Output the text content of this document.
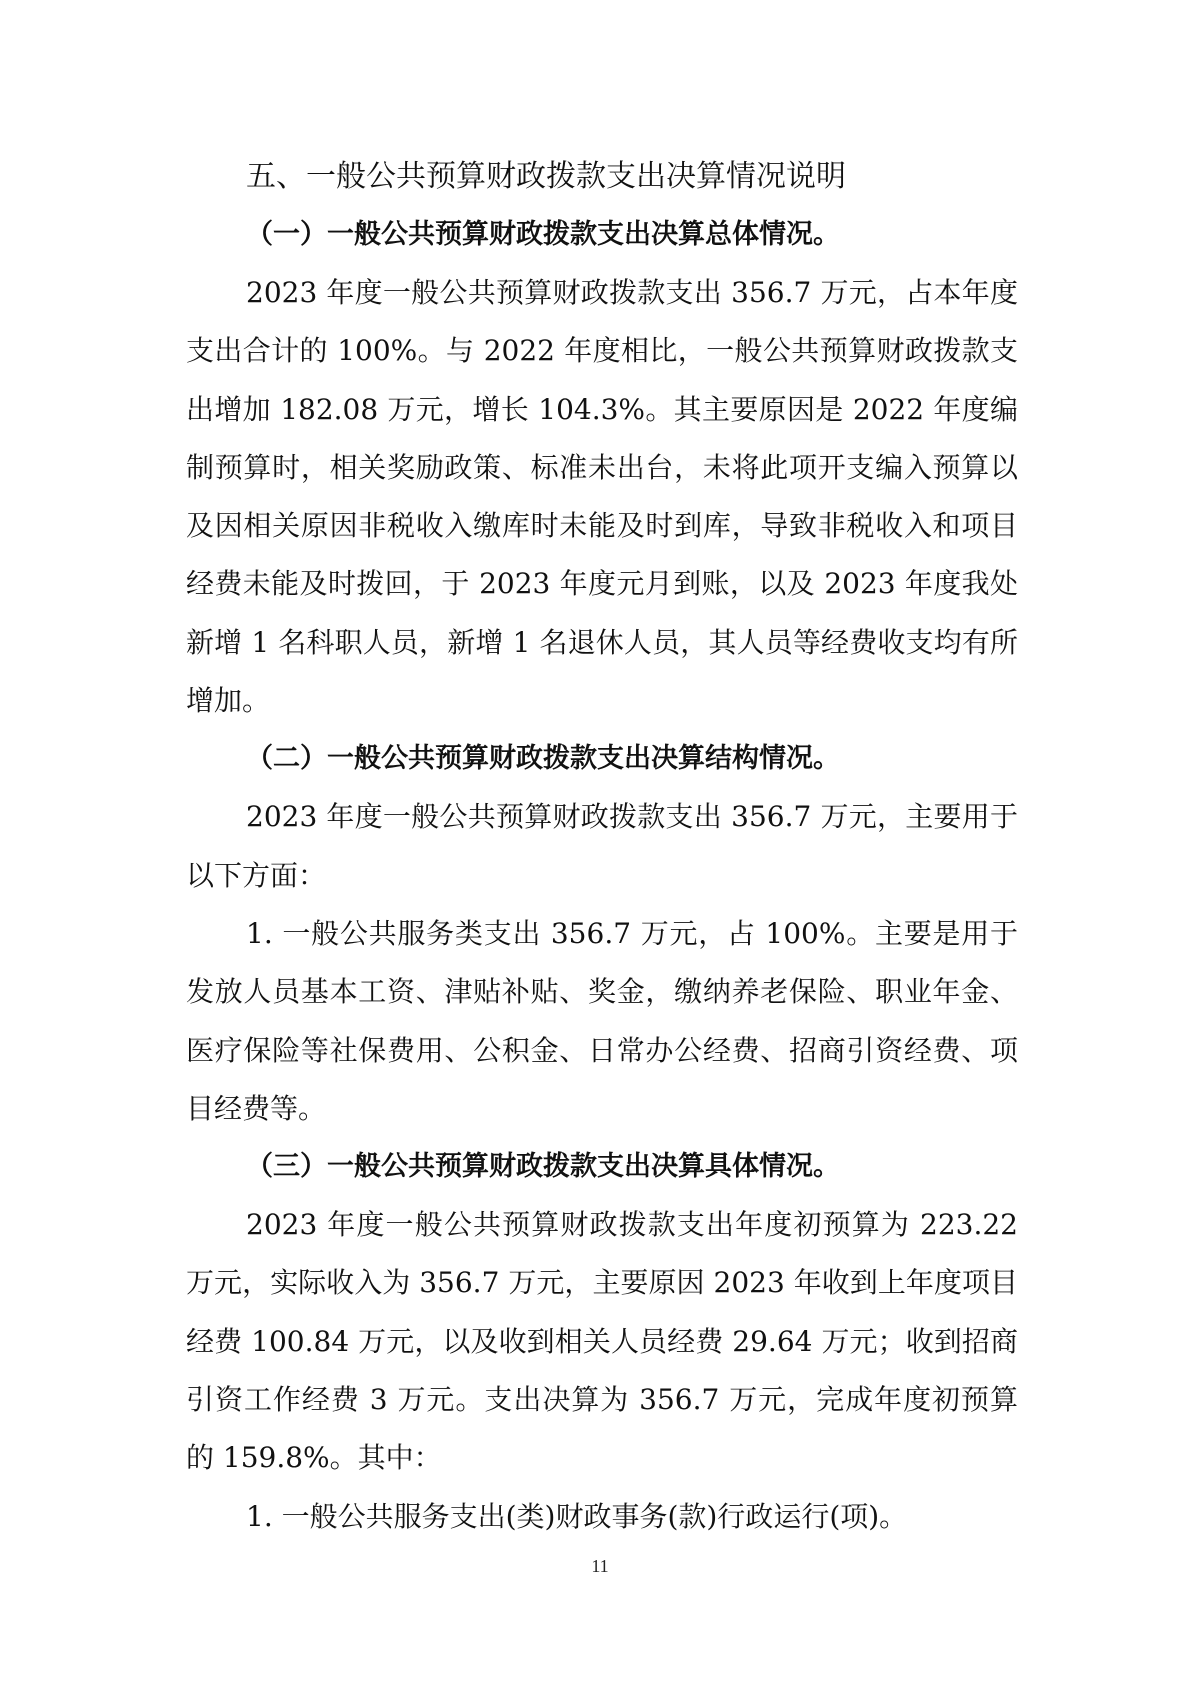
五、一般公共预算财政拨款支出决算情况说明

（一）一般公共预算财政拨款支出决算总体情况。

2023 年度一般公共预算财政拨款支出 356.7 万元，占本年度支出合计的 100%。与 2022 年度相比，一般公共预算财政拨款支出增加 182.08 万元，增长 104.3%。其主要原因是 2022 年度编制预算时，相关奖励政策、标准未出台，未将此项开支编入预算以及因相关原因非税收入缴库时未能及时到库，导致非税收入和项目经费未能及时拨回，于 2023 年度元月到账，以及 2023 年度我处新增 1 名科职人员，新增 1 名退休人员，其人员等经费收支均有所增加。

（二）一般公共预算财政拨款支出决算结构情况。

2023 年度一般公共预算财政拨款支出 356.7 万元，主要用于以下方面：

1. 一般公共服务类支出 356.7 万元，占 100%。主要是用于发放人员基本工资、津贴补贴、奖金，缴纳养老保险、职业年金、医疗保险等社保费用、公积金、日常办公经费、招商引资经费、项目经费等。

（三）一般公共预算财政拨款支出决算具体情况。

2023 年度一般公共预算财政拨款支出年度初预算为 223.22 万元，实际收入为 356.7 万元，主要原因 2023 年收到上年度项目经费 100.84 万元，以及收到相关人员经费 29.64 万元；收到招商引资工作经费 3 万元。支出决算为 356.7 万元，完成年度初预算的 159.8%。其中：

1. 一般公共服务支出(类)财政事务(款)行政运行(项)。

11
